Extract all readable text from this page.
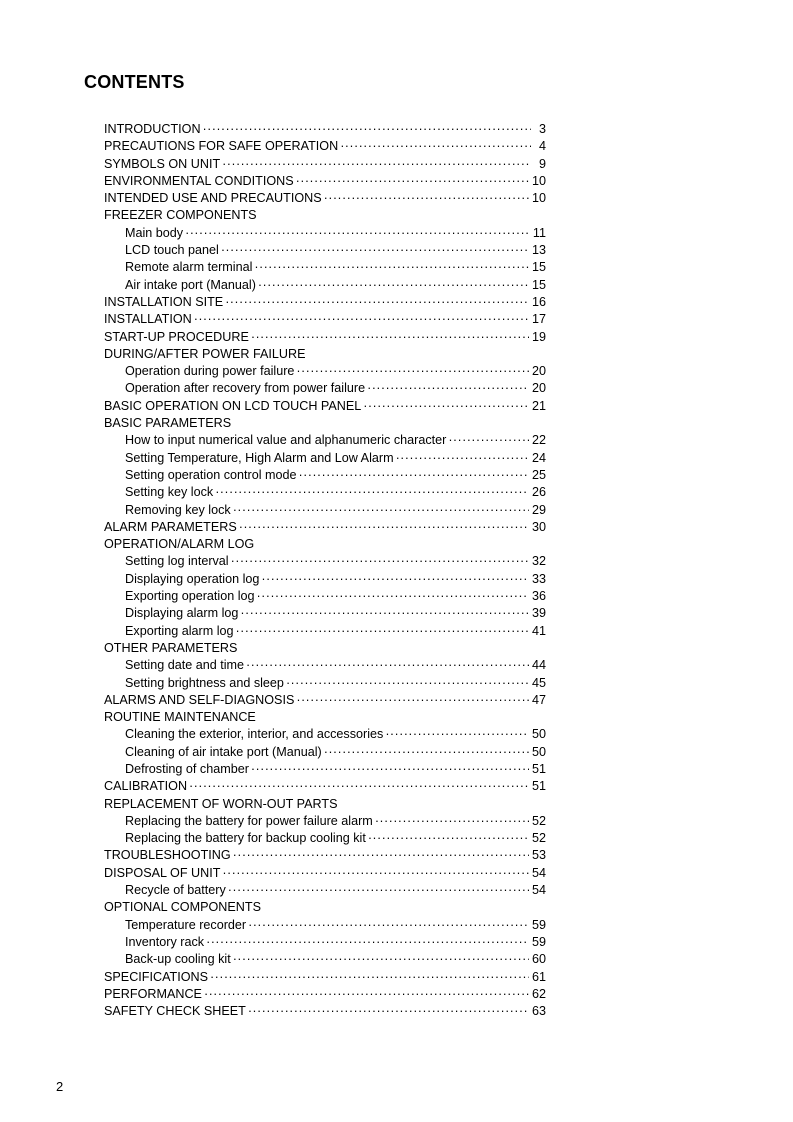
CONTENTS
INTRODUCTION ·····	3
PRECAUTIONS FOR SAFE OPERATION ·····	4
SYMBOLS ON UNIT ·····	9
ENVIRONMENTAL CONDITIONS ·····	10
INTENDED USE AND PRECAUTIONS ·····	10
FREEZER COMPONENTS
Main body ·····	11
LCD touch panel ·····	13
Remote alarm terminal ·····	15
Air intake port (Manual) ·····	15
INSTALLATION SITE ·····	16
INSTALLATION ·····	17
START-UP PROCEDURE ·····	19
DURING/AFTER POWER FAILURE
Operation during power failure ·····	20
Operation after recovery from power failure ·····	20
BASIC OPERATION ON LCD TOUCH PANEL ·····	21
BASIC PARAMETERS
How to input numerical value and alphanumeric character ·····	22
Setting Temperature, High Alarm and Low Alarm ·····	24
Setting operation control mode ·····	25
Setting key lock ·····	26
Removing key lock ·····	29
ALARM PARAMETERS ·····	30
OPERATION/ALARM LOG
Setting log interval ·····	32
Displaying operation log ·····	33
Exporting operation log ·····	36
Displaying alarm log ·····	39
Exporting alarm log ·····	41
OTHER PARAMETERS
Setting date and time ·····	44
Setting brightness and sleep ·····	45
ALARMS AND SELF-DIAGNOSIS ·····	47
ROUTINE MAINTENANCE
Cleaning the exterior, interior, and accessories ·····	50
Cleaning of air intake port (Manual) ·····	50
Defrosting of chamber ·····	51
CALIBRATION ·····	51
REPLACEMENT OF WORN-OUT PARTS
Replacing the battery for power failure alarm ·····	52
Replacing the battery for backup cooling kit ·····	52
TROUBLESHOOTING ·····	53
DISPOSAL OF UNIT ·····	54
Recycle of battery ·····	54
OPTIONAL COMPONENTS
Temperature recorder ·····	59
Inventory rack ·····	59
Back-up cooling kit ·····	60
SPECIFICATIONS ·····	61
PERFORMANCE ·····	62
SAFETY CHECK SHEET ·····	63
2
